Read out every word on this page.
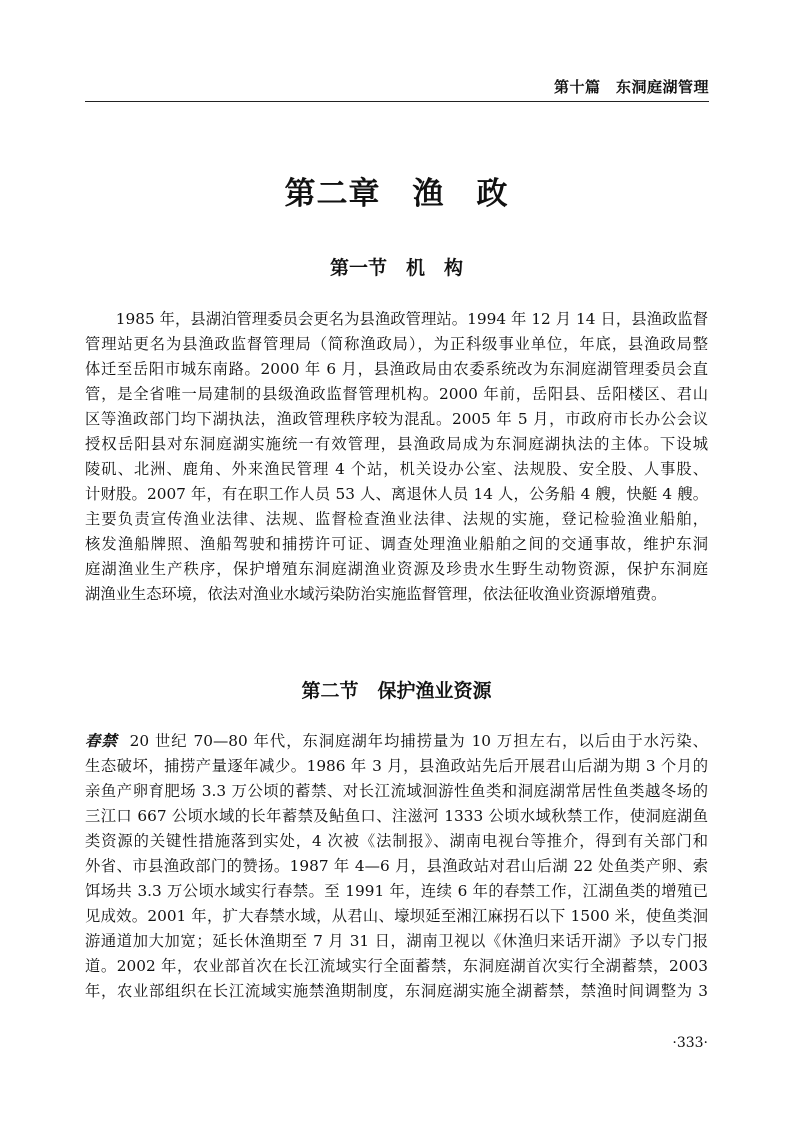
第十篇　东洞庭湖管理
第二章　渔　政
第一节　机　构
　　1985 年，县湖泊管理委员会更名为县渔政管理站。1994 年 12 月 14 日，县渔政监督
管理站更名为县渔政监督管理局（简称渔政局），为正科级事业单位，年底，县渔政局整
体迁至岳阳市城东南路。2000 年 6 月，县渔政局由农委系统改为东洞庭湖管理委员会直
管，是全省唯一局建制的县级渔政监督管理机构。2000 年前，岳阳县、岳阳楼区、君山
区等渔政部门均下湖执法，渔政管理秩序较为混乱。2005 年 5 月，市政府市长办公会议
授权岳阳县对东洞庭湖实施统一有效管理，县渔政局成为东洞庭湖执法的主体。下设城
陵矶、北洲、鹿角、外来渔民管理 4 个站，机关设办公室、法规股、安全股、人事股、
计财股。2007 年，有在职工作人员 53 人、离退休人员 14 人，公务船 4 艘，快艇 4 艘。
主要负责宣传渔业法律、法规、监督检查渔业法律、法规的实施，登记检验渔业船舶，
核发渔船牌照、渔船驾驶和捕捞许可证、调查处理渔业船舶之间的交通事故，维护东洞
庭湖渔业生产秩序，保护增殖东洞庭湖渔业资源及珍贵水生野生动物资源，保护东洞庭
湖渔业生态环境，依法对渔业水域污染防治实施监督管理，依法征收渔业资源增殖费。
第二节　保护渔业资源
春禁 20 世纪 70—80 年代，东洞庭湖年均捕捞量为 10 万担左右，以后由于水污染、
生态破坏，捕捞产量逐年减少。1986 年 3 月，县渔政站先后开展君山后湖为期 3 个月的
亲鱼产卵育肥场 3.3 万公顷的蓄禁、对长江流域洄游性鱼类和洞庭湖常居性鱼类越冬场的
三江口 667 公顷水域的长年蓄禁及鲇鱼口、注滋河 1333 公顷水域秋禁工作，使洞庭湖鱼
类资源的关键性措施落到实处，4 次被《法制报》、湖南电视台等推介，得到有关部门和
外省、市县渔政部门的赞扬。1987 年 4—6 月，县渔政站对君山后湖 22 处鱼类产卵、索
饵场共 3.3 万公顷水域实行春禁。至 1991 年，连续 6 年的春禁工作，江湖鱼类的增殖已
见成效。2001 年，扩大春禁水域，从君山、壕坝延至湘江麻拐石以下 1500 米，使鱼类洄
游通道加大加宽；延长休渔期至 7 月 31 日，湖南卫视以《休渔归来话开湖》予以专门报
道。2002 年，农业部首次在长江流域实行全面蓄禁，东洞庭湖首次实行全湖蓄禁，2003
年，农业部组织在长江流域实施禁渔期制度，东洞庭湖实施全湖蓄禁，禁渔时间调整为 3
·333·
